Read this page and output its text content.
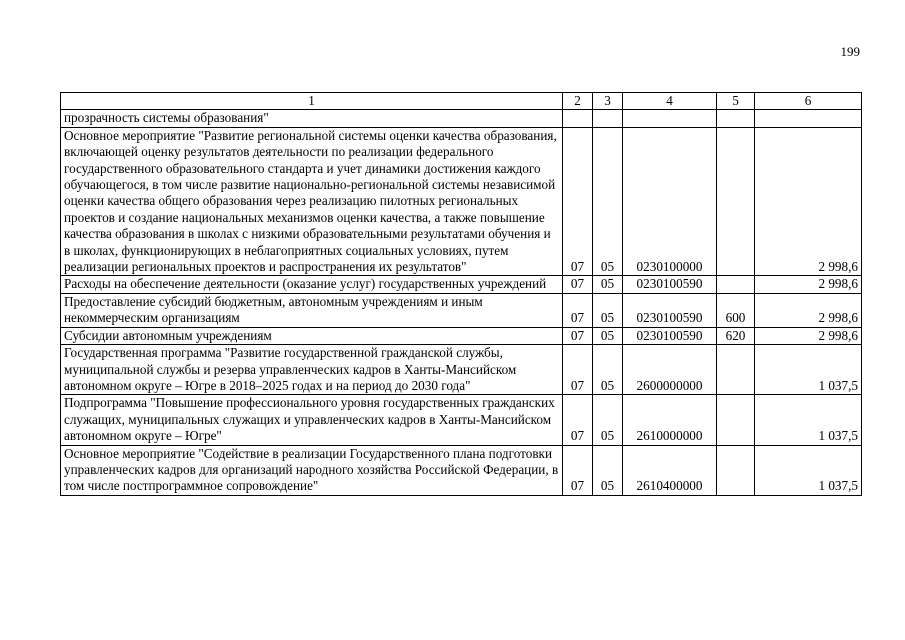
199
1	2	3	4	5	6
прозрачность системы образования"					
Основное мероприятие "Развитие региональной системы оценки качества образования, включающей оценку результатов деятельности по реализации федерального государственного образовательного стандарта и учет динамики достижения каждого обучающегося, в том числе развитие национально-региональной системы независимой оценки качества общего образования через реализацию пилотных региональных проектов и создание национальных механизмов оценки качества, а также повышение качества образования в школах с низкими образовательными результатами обучения и в школах, функционирующих в неблагоприятных социальных условиях, путем реализации региональных проектов и распространения их результатов"	07	05	0230100000		2 998,6
Расходы на обеспечение деятельности (оказание услуг) государственных учреждений	07	05	0230100590		2 998,6
Предоставление субсидий бюджетным, автономным учреждениям и иным некоммерческим организациям	07	05	0230100590	600	2 998,6
Субсидии автономным учреждениям	07	05	0230100590	620	2 998,6
Государственная программа "Развитие государственной гражданской службы, муниципальной службы и резерва управленческих кадров в Ханты-Мансийском автономном округе – Югре в 2018–2025 годах и на период до 2030 года"	07	05	2600000000		1 037,5
Подпрограмма "Повышение профессионального уровня государственных гражданских служащих, муниципальных служащих и управленческих кадров в Ханты-Мансийском автономном округе – Югре"	07	05	2610000000		1 037,5
Основное мероприятие "Содействие в реализации Государственного плана подготовки управленческих кадров для организаций народного хозяйства Российской Федерации, в том числе постпрограммное сопровождение"	07	05	2610400000		1 037,5
